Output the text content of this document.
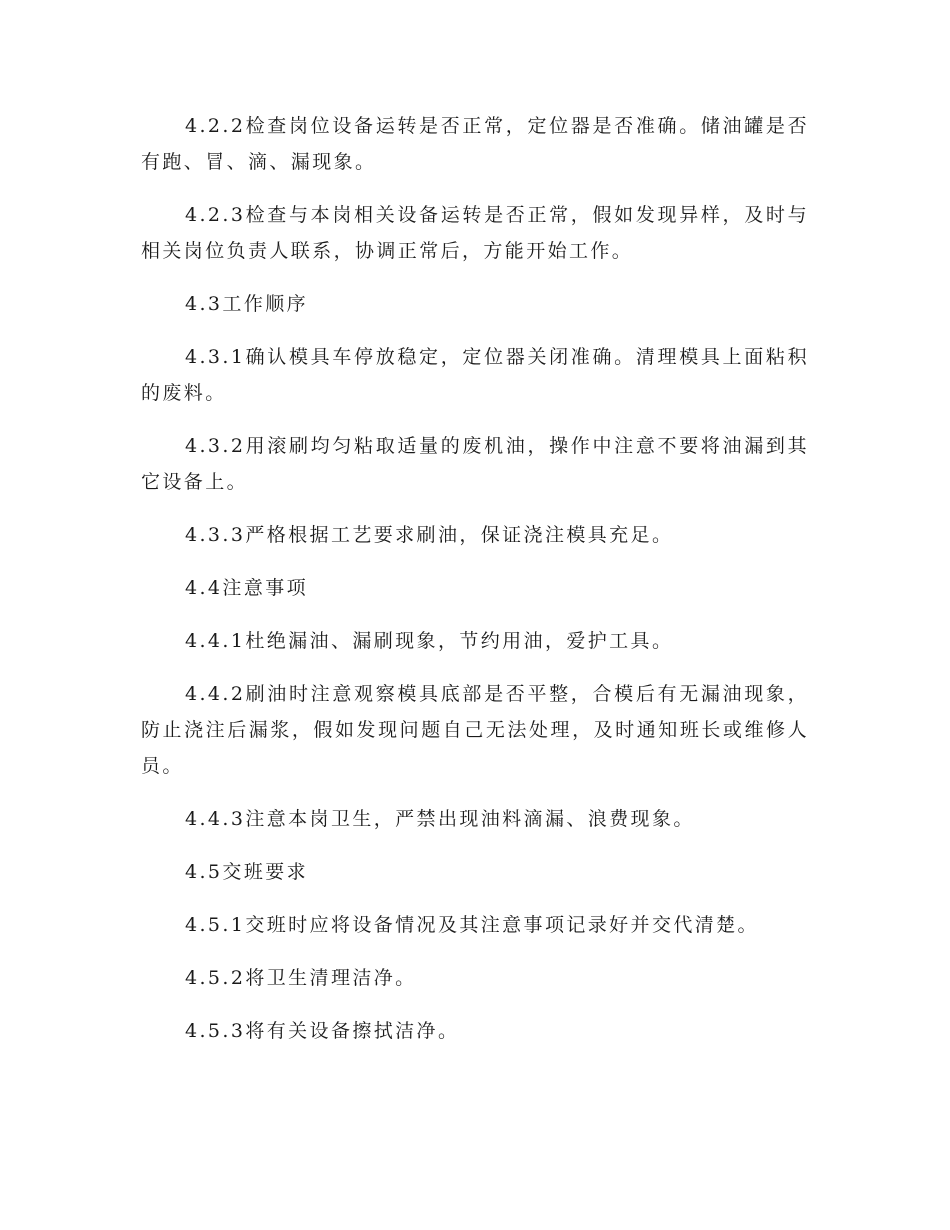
4.2.2检查岗位设备运转是否正常，定位器是否准确。储油罐是否有跑、冒、滴、漏现象。

4.2.3检查与本岗相关设备运转是否正常，假如发现异样，及时与相关岗位负责人联系，协调正常后，方能开始工作。

4.3工作顺序

4.3.1确认模具车停放稳定，定位器关闭准确。清理模具上面粘积的废料。

4.3.2用滚刷均匀粘取适量的废机油，操作中注意不要将油漏到其它设备上。

4.3.3严格根据工艺要求刷油，保证浇注模具充足。

4.4注意事项

4.4.1杜绝漏油、漏刷现象，节约用油，爱护工具。

4.4.2刷油时注意观察模具底部是否平整，合模后有无漏油现象，防止浇注后漏浆，假如发现问题自己无法处理，及时通知班长或维修人员。

4.4.3注意本岗卫生，严禁出现油料滴漏、浪费现象。

4.5交班要求

4.5.1交班时应将设备情况及其注意事项记录好并交代清楚。

4.5.2将卫生清理洁净。

4.5.3将有关设备擦拭洁净。
